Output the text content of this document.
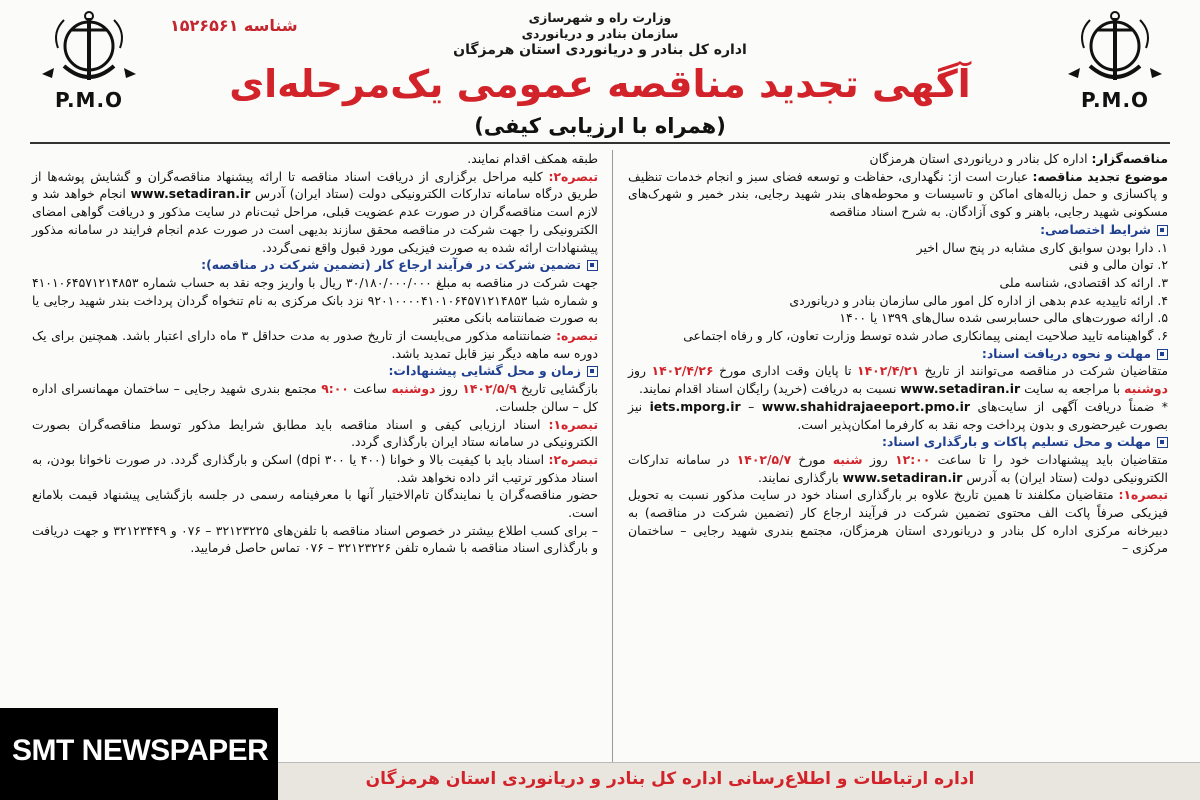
P.M.O
P.M.O
وزارت راه و شهرسازی
سازمان بنادر و دریانوردی
اداره کل بنادر و دریانوردی استان هرمزگان
شناسه ۱۵۲۶۵۶۱
آگهی تجدید مناقصه عمومی یک‌مرحله‌ای
(همراه با ارزیابی کیفی)

مناقصه‌گزار: اداره کل بنادر و دریانوردی استان هرمزگان

موضوع تجدید مناقصه: عبارت است از: نگهداری، حفاظت و توسعه فضای سبز و انجام خدمات تنظیف و پاکسازی و حمل زباله‌های اماکن و تاسیسات و محوطه‌های بندر شهید رجایی، بندر خمیر و شهرک‌های مسکونی شهید رجایی، باهنر و کوی آزادگان. به شرح اسناد مناقصه

شرایط اختصاصی:

۱. دارا بودن سوابق کاری مشابه در پنج سال اخیر

۲. توان مالی و فنی

۳. ارائه کد اقتصادی، شناسه ملی

۴. ارائه تاییدیه عدم بدهی از اداره کل امور مالی سازمان بنادر و دریانوردی

۵. ارائه صورت‌های مالی حسابرسی شده سال‌های ۱۳۹۹ یا ۱۴۰۰

۶. گواهینامه تایید صلاحیت ایمنی پیمانکاری صادر شده توسط وزارت تعاون، کار و رفاه اجتماعی

مهلت و نحوه دریافت اسناد:

متقاضیان شرکت در مناقصه می‌توانند از تاریخ ۱۴۰۲/۴/۲۱ تا پایان وقت اداری مورخ ۱۴۰۲/۴/۲۶ روز دوشنبه با مراجعه به سایت www.setadiran.ir نسبت به دریافت (خرید) رایگان اسناد اقدام نمایند.

* ضمناً دریافت آگهی از سایت‌های iets.mporg.ir – www.shahidrajaeeport.pmo.ir نیز بصورت غیرحضوری و بدون پرداخت وجه نقد به کارفرما امکان‌پذیر است.

مهلت و محل تسلیم پاکات و بارگذاری اسناد:

متقاضیان باید پیشنهادات خود را تا ساعت ۱۲:۰۰ روز شنبه مورخ ۱۴۰۲/۵/۷ در سامانه تدارکات الکترونیکی دولت (ستاد ایران) به آدرس www.setadiran.ir بارگذاری نمایند.

تبصره۱: متقاضیان مکلفند تا همین تاریخ علاوه بر بارگذاری اسناد خود در سایت مذکور نسبت به تحویل فیزیکی صرفاً پاکت الف محتوی تضمین شرکت در فرآیند ارجاع کار (تضمین شرکت در مناقصه) به دبیرخانه مرکزی اداره کل بنادر و دریانوردی استان هرمزگان، مجتمع بندری شهید رجایی – ساختمان مرکزی –

طبقه همکف اقدام نمایند.

تبصره۲: کلیه مراحل برگزاری از دریافت اسناد مناقصه تا ارائه پیشنهاد مناقصه‌گران و گشایش پوشه‌ها از طریق درگاه سامانه تدارکات الکترونیکی دولت (ستاد ایران) آدرس www.setadiran.ir انجام خواهد شد و لازم است مناقصه‌گران در صورت عدم عضویت قبلی، مراحل ثبت‌نام در سایت مذکور و دریافت گواهی امضای الکترونیکی را جهت شرکت در مناقصه محقق سازند بدیهی است در صورت عدم انجام فرایند در سامانه مذکور پیشنهادات ارائه شده به صورت فیزیکی مورد قبول واقع نمی‌گردد.

تضمین شرکت در فرآیند ارجاع کار (تضمین شرکت در مناقصه):

جهت شرکت در مناقصه به مبلغ ۳۰/۱۸۰/۰۰۰/۰۰۰ ریال با واریز وجه نقد به حساب شماره ۴۱۰۱۰۶۴۵۷۱۲۱۴۸۵۳ و شماره شبا ۹۲۰۱۰۰۰۰۴۱۰۱۰۶۴۵۷۱۲۱۴۸۵۳ نزد بانک مرکزی به نام تنخواه گردان پرداخت بندر شهید رجایی یا به صورت ضمانتنامه بانکی معتبر

تبصره: ضمانتنامه مذکور می‌بایست از تاریخ صدور به مدت حداقل ۳ ماه دارای اعتبار باشد. همچنین برای یک دوره سه ماهه دیگر نیز قابل تمدید باشد.

زمان و محل گشایی پیشنهادات:

بازگشایی تاریخ ۱۴۰۲/۵/۹ روز دوشنبه ساعت ۹:۰۰ مجتمع بندری شهید رجایی – ساختمان مهمانسرای اداره کل – سالن جلسات.

تبصره۱: اسناد ارزیابی کیفی و اسناد مناقصه باید مطابق شرایط مذکور توسط مناقصه‌گران بصورت الکترونیکی در سامانه ستاد ایران بارگذاری گردد.

تبصره۲: اسناد باید با کیفیت بالا و خوانا (۴۰۰ یا ۳۰۰ dpi) اسکن و بارگذاری گردد. در صورت ناخوانا بودن، به اسناد مذکور ترتیب اثر داده نخواهد شد.

حضور مناقصه‌گران یا نمایندگان تام‌الاختیار آنها با معرفینامه رسمی در جلسه بازگشایی پیشنهاد قیمت بلامانع است.

– برای کسب اطلاع بیشتر در خصوص اسناد مناقصه با تلفن‌های ۳۲۱۲۳۲۲۵ – ۰۷۶ و ۳۲۱۲۳۴۴۹ و جهت دریافت و بارگذاری اسناد مناقصه با شماره تلفن ۳۲۱۲۳۲۲۶ – ۰۷۶ تماس حاصل فرمایید.

اداره ارتباطات و اطلاع‌رسانی اداره کل بنادر و دریانوردی استان هرمزگان
SMT NEWSPAPER
